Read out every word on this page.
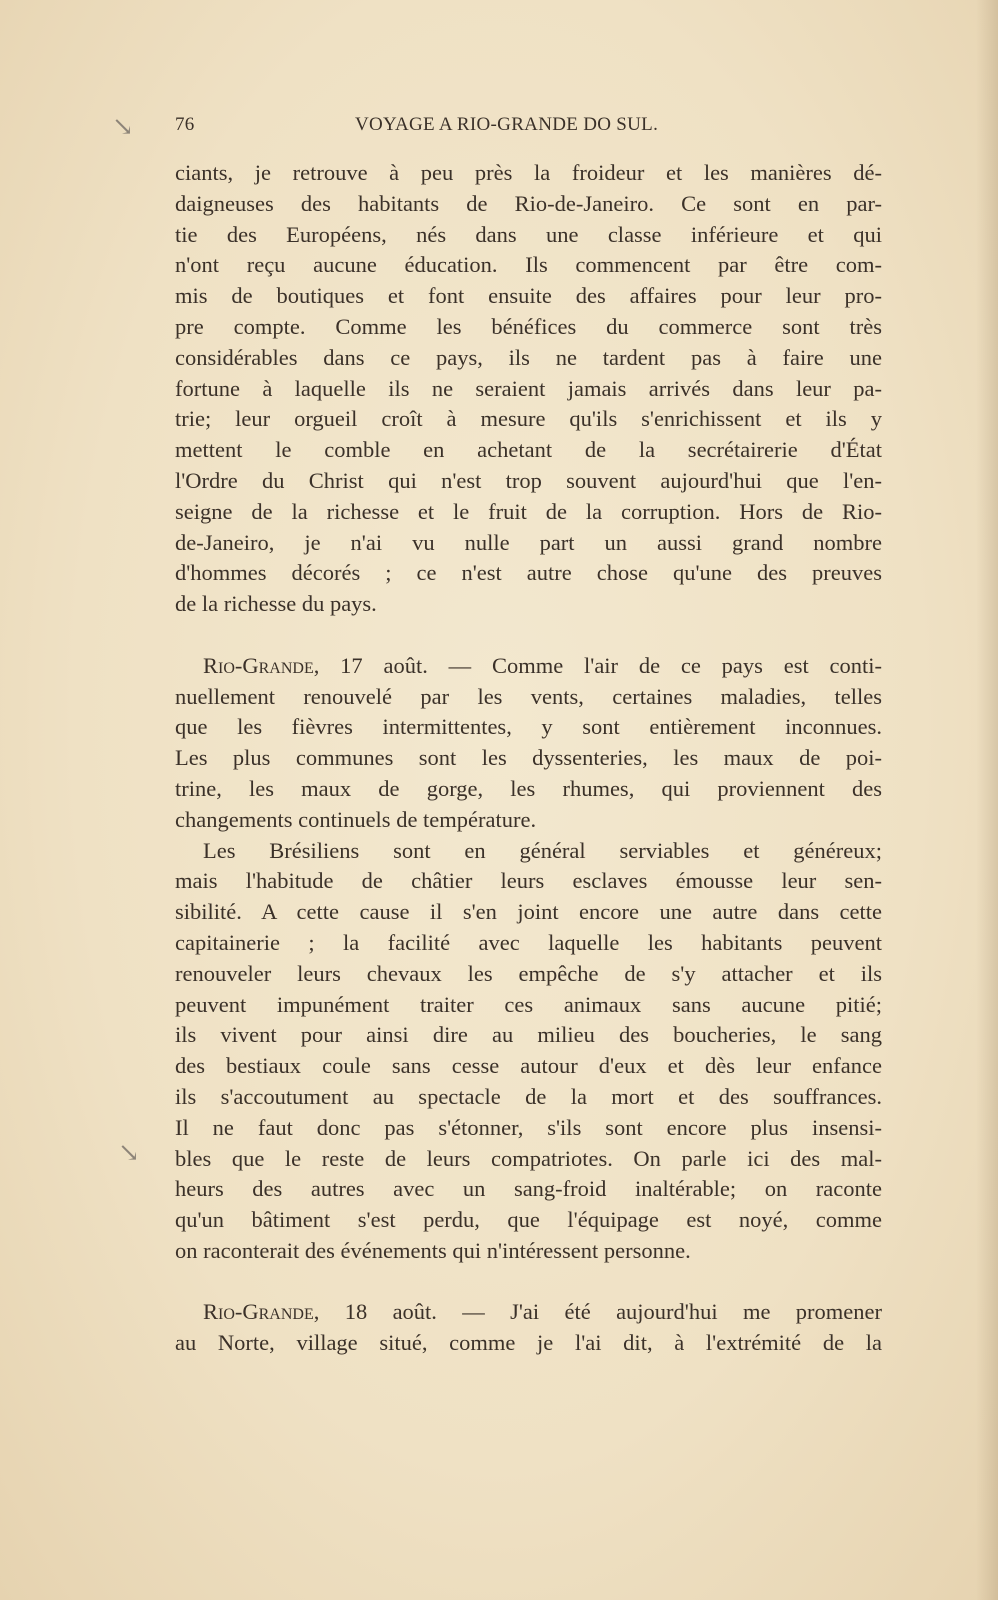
76	VOYAGE A RIO-GRANDE DO SUL.
↘
↘
ciants, je retrouve à peu près la froideur et les manières dé-
daigneuses des habitants de Rio-de-Janeiro. Ce sont en par-
tie des Européens, nés dans une classe inférieure et qui
n'ont reçu aucune éducation. Ils commencent par être com-
mis de boutiques et font ensuite des affaires pour leur pro-
pre compte. Comme les bénéfices du commerce sont très
considérables dans ce pays, ils ne tardent pas à faire une
fortune à laquelle ils ne seraient jamais arrivés dans leur pa-
trie; leur orgueil croît à mesure qu'ils s'enrichissent et ils y
mettent le comble en achetant de la secrétairerie d'État
l'Ordre du Christ qui n'est trop souvent aujourd'hui que l'en-
seigne de la richesse et le fruit de la corruption. Hors de Rio-
de-Janeiro, je n'ai vu nulle part un aussi grand nombre
d'hommes décorés ; ce n'est autre chose qu'une des preuves
de la richesse du pays.
Rio-Grande, 17 août. — Comme l'air de ce pays est conti-
nuellement renouvelé par les vents, certaines maladies, telles
que les fièvres intermittentes, y sont entièrement inconnues.
Les plus communes sont les dyssenteries, les maux de poi-
trine, les maux de gorge, les rhumes, qui proviennent des
changements continuels de température.
Les Brésiliens sont en général serviables et généreux;
mais l'habitude de châtier leurs esclaves émousse leur sen-
sibilité. A cette cause il s'en joint encore une autre dans cette
capitainerie ; la facilité avec laquelle les habitants peuvent
renouveler leurs chevaux les empêche de s'y attacher et ils
peuvent impunément traiter ces animaux sans aucune pitié;
ils vivent pour ainsi dire au milieu des boucheries, le sang
des bestiaux coule sans cesse autour d'eux et dès leur enfance
ils s'accoutument au spectacle de la mort et des souffrances.
Il ne faut donc pas s'étonner, s'ils sont encore plus insensi-
bles que le reste de leurs compatriotes. On parle ici des mal-
heurs des autres avec un sang-froid inaltérable; on raconte
qu'un bâtiment s'est perdu, que l'équipage est noyé, comme
on raconterait des événements qui n'intéressent personne.
Rio-Grande, 18 août. — J'ai été aujourd'hui me promener
au Norte, village situé, comme je l'ai dit, à l'extrémité de la
